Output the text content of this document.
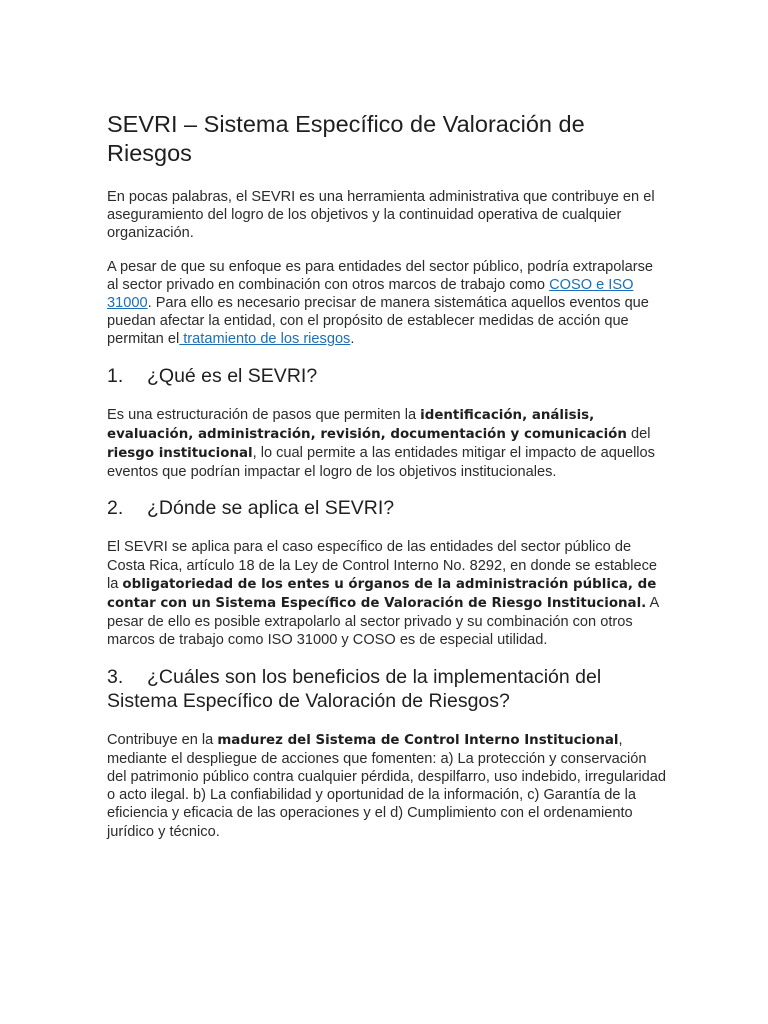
SEVRI – Sistema Específico de Valoración de Riesgos

En pocas palabras, el SEVRI es una herramienta administrativa que contribuye en el aseguramiento del logro de los objetivos y la continuidad operativa de cualquier organización.

A pesar de que su enfoque es para entidades del sector público, podría extrapolarse al sector privado en combinación con otros marcos de trabajo como COSO e ISO 31000. Para ello es necesario precisar de manera sistemática aquellos eventos que puedan afectar la entidad, con el propósito de establecer medidas de acción que permitan el tratamiento de los riesgos.

1. ¿Qué es el SEVRI?

Es una estructuración de pasos que permiten la identificación, análisis, evaluación, administración, revisión, documentación y comunicación del riesgo institucional, lo cual permite a las entidades mitigar el impacto de aquellos eventos que podrían impactar el logro de los objetivos institucionales.

2. ¿Dónde se aplica el SEVRI?

El SEVRI se aplica para el caso específico de las entidades del sector público de Costa Rica, artículo 18 de la Ley de Control Interno No. 8292, en donde se establece la obligatoriedad de los entes u órganos de la administración pública, de contar con un Sistema Específico de Valoración de Riesgo Institucional. A pesar de ello es posible extrapolarlo al sector privado y su combinación con otros marcos de trabajo como ISO 31000 y COSO es de especial utilidad.

3. ¿Cuáles son los beneficios de la implementación del Sistema Específico de Valoración de Riesgos?

Contribuye en la madurez del Sistema de Control Interno Institucional, mediante el despliegue de acciones que fomenten: a) La protección y conservación del patrimonio público contra cualquier pérdida, despilfarro, uso indebido, irregularidad o acto ilegal. b) La confiabilidad y oportunidad de la información, c) Garantía de la eficiencia y eficacia de las operaciones y el d) Cumplimiento con el ordenamiento jurídico y técnico.
